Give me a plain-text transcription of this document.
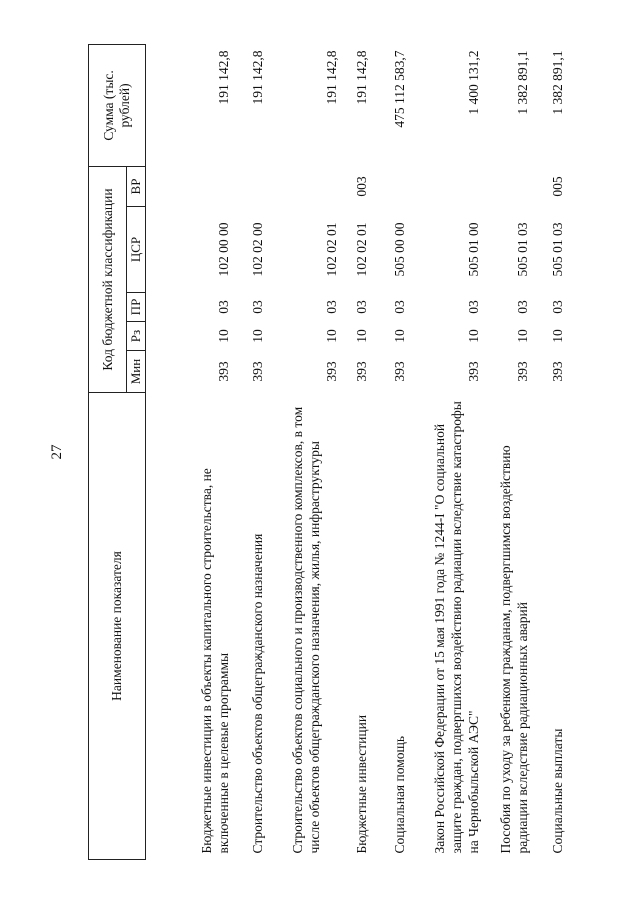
27
Наименование показателя	Код бюджетной классификации					Сумма (тыс. рублей)
	Мин	Рз	ПР	ЦСР	ВР	

Бюджетные инвестиции в объекты капитального строительства, не включенные в целевые программы	393	10	03	102 00 00		191 142,8
Строительство объектов общегражданского назначения	393	10	03	102 02 00		191 142,8
Строительство объектов социального и производственного комплексов, в том числе объектов общегражданского назначения, жилья, инфраструктуры	393	10	03	102 02 01		191 142,8
Бюджетные инвестиции	393	10	03	102 02 01	003	191 142,8
Социальная помощь	393	10	03	505 00 00		475 112 583,7
Закон Российской Федерации от 15 мая 1991 года № 1244-I "О социальной защите граждан, подвергшихся воздействию радиации вследствие катастрофы на Чернобыльской АЭС"	393	10	03	505 01 00		1 400 131,2
Пособия по уходу за ребенком гражданам, подвергшимся воздействию радиации вследствие радиационных аварий	393	10	03	505 01 03		1 382 891,1
Социальные выплаты	393	10	03	505 01 03	005	1 382 891,1
